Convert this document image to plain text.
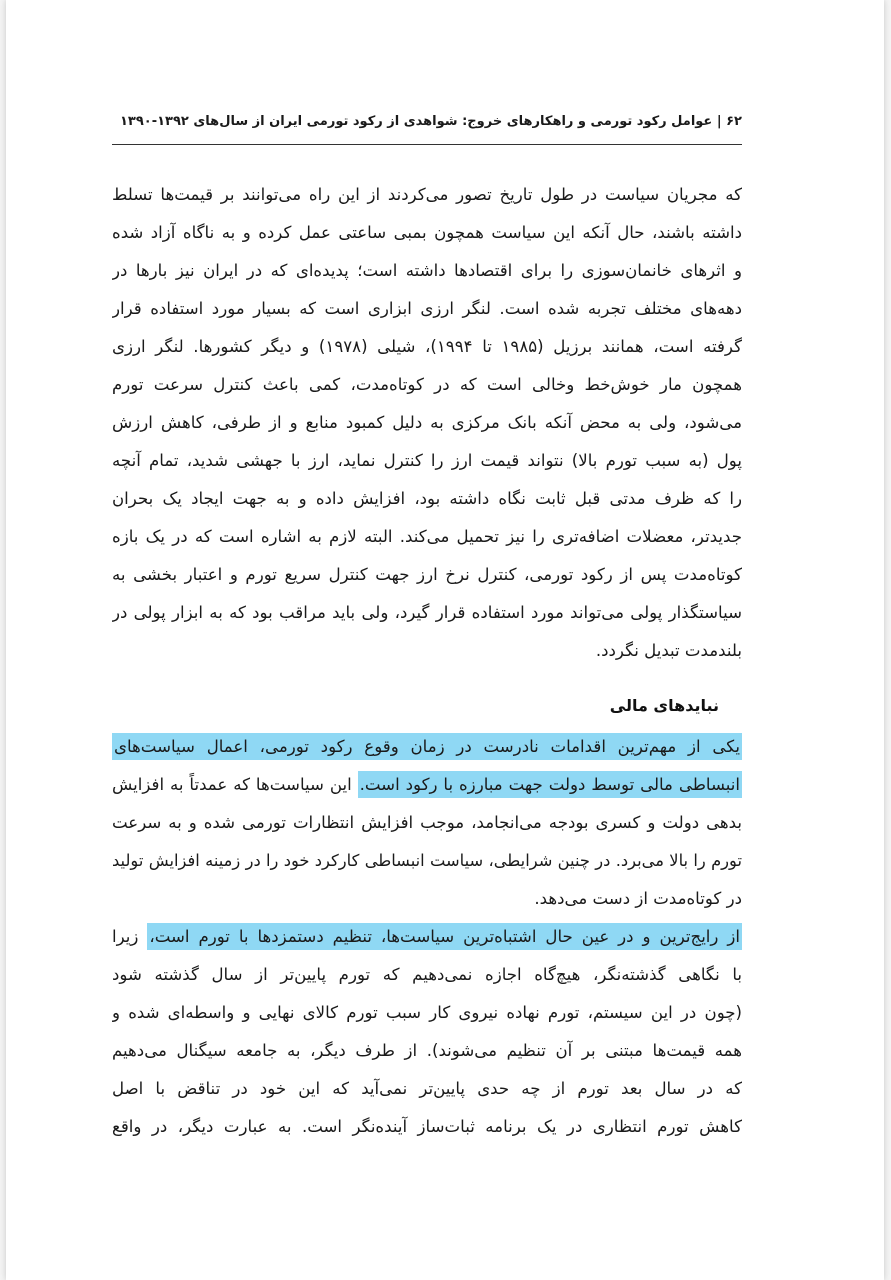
۶۲ | عوامل رکود تورمی و راهکارهای خروج: شواهدی از رکود تورمی ایران از سال‌های ۱۳۹۲-۱۳۹۰
که مجریان سیاست در طول تاریخ تصور می‌کردند از این راه می‌توانند بر قیمت‌ها تسلط
داشته باشند، حال آنکه این سیاست همچون بمبی ساعتی عمل کرده و به ناگاه آزاد شده
و اثرهای خانمان‌سوزی را برای اقتصادها داشته است؛ پدیده‌ای که در ایران نیز بارها در
دهه‌های مختلف تجربه شده است. لنگر ارزی ابزاری است که بسیار مورد استفاده قرار
گرفته است، همانند برزیل (۱۹۸۵ تا ۱۹۹۴)، شیلی (۱۹۷۸) و دیگر کشورها. لنگر ارزی
همچون مار خوش‌خط وخالی است که در کوتاه‌مدت، کمی باعث کنترل سرعت تورم
می‌شود، ولی به محض آنکه بانک مرکزی به دلیل کمبود منابع و از طرفی، کاهش ارزش
پول (به سبب تورم بالا) نتواند قیمت ارز را کنترل نماید، ارز با جهشی شدید، تمام آنچه
را که ظرف مدتی قبل ثابت نگاه داشته بود، افزایش داده و به جهت ایجاد یک بحران
جدیدتر، معضلات اضافه‌تری را نیز تحمیل می‌کند. البته لازم به اشاره است که در یک بازه
کوتاه‌مدت پس از رکود تورمی، کنترل نرخ ارز جهت کنترل سریع تورم و اعتبار بخشی به
سیاستگذار پولی می‌تواند مورد استفاده قرار گیرد، ولی باید مراقب بود که به ابزار پولی در
بلندمدت تبدیل نگردد.
نبایدهای مالی
یکی از مهم‌ترین اقدامات نادرست در زمان وقوع رکود تورمی، اعمال سیاست‌های
انبساطی مالی توسط دولت جهت مبارزه با رکود است. این سیاست‌ها که عمدتاً به افزایش
بدهی دولت و کسری بودجه می‌انجامد، موجب افزایش انتظارات تورمی شده و به سرعت
تورم را بالا می‌برد. در چنین شرایطی، سیاست انبساطی کارکرد خود را در زمینه افزایش تولید
در کوتاه‌مدت از دست می‌دهد.
از رایج‌ترین و در عین حال اشتباه‌ترین سیاست‌ها، تنظیم دستمزدها با تورم است، زیرا
با نگاهی گذشته‌نگر، هیچ‌گاه اجازه نمی‌دهیم که تورم پایین‌تر از سال گذشته شود
(چون در این سیستم، تورم نهاده نیروی کار سبب تورم کالای نهایی و واسطه‌ای شده و
همه قیمت‌ها مبتنی بر آن تنظیم می‌شوند). از طرف دیگر، به جامعه سیگنال می‌دهیم
که در سال بعد تورم از چه حدی پایین‌تر نمی‌آید که این خود در تناقض با اصل
کاهش تورم انتظاری در یک برنامه ثبات‌ساز آینده‌نگر است. به عبارت دیگر، در واقع
